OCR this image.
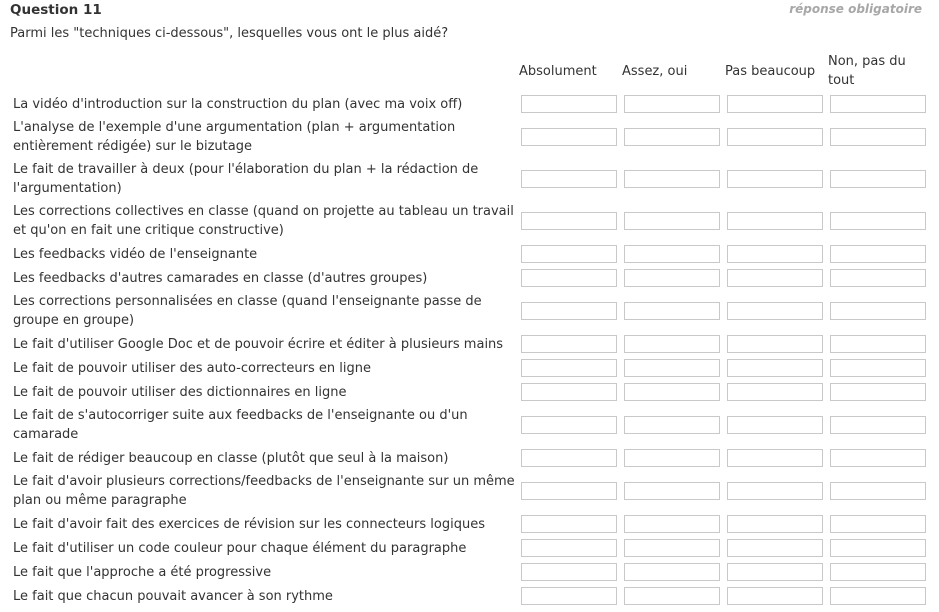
Question 11	réponse obligatoire
Parmi les "techniques ci-dessous", lesquelles vous ont le plus aidé?
Absolument Assez, oui	Pas beaucoup
Non, pas du tout
La vidéo d'introduction sur la construction du plan (avec ma voix off)
L'analyse de l'exemple d'une argumentation (plan + argumentation entièrement rédigée) sur le bizutage
Le fait de travailler à deux (pour l'élaboration du plan + la rédaction de l'argumentation)
Les corrections collectives en classe (quand on projette au tableau un travail et qu'on en fait une critique constructive)
Les feedbacks vidéo de l'enseignante
Les feedbacks d'autres camarades en classe (d'autres groupes)
Les corrections personnalisées en classe (quand l'enseignante passe de groupe en groupe)
Le fait d'utiliser Google Doc et de pouvoir écrire et éditer à plusieurs mains
Le fait de pouvoir utiliser des auto-correcteurs en ligne
Le fait de pouvoir utiliser des dictionnaires en ligne
Le fait de s'autocorriger suite aux feedbacks de l'enseignante ou d'un camarade
Le fait de rédiger beaucoup en classe (plutôt que seul à la maison)
Le fait d'avoir plusieurs corrections/feedbacks de l'enseignante sur un même plan ou même paragraphe
Le fait d'avoir fait des exercices de révision sur les connecteurs logiques
Le fait d'utiliser un code couleur pour chaque élément du paragraphe
Le fait que l'approche a été progressive
Le fait que chacun pouvait avancer à son rythme
